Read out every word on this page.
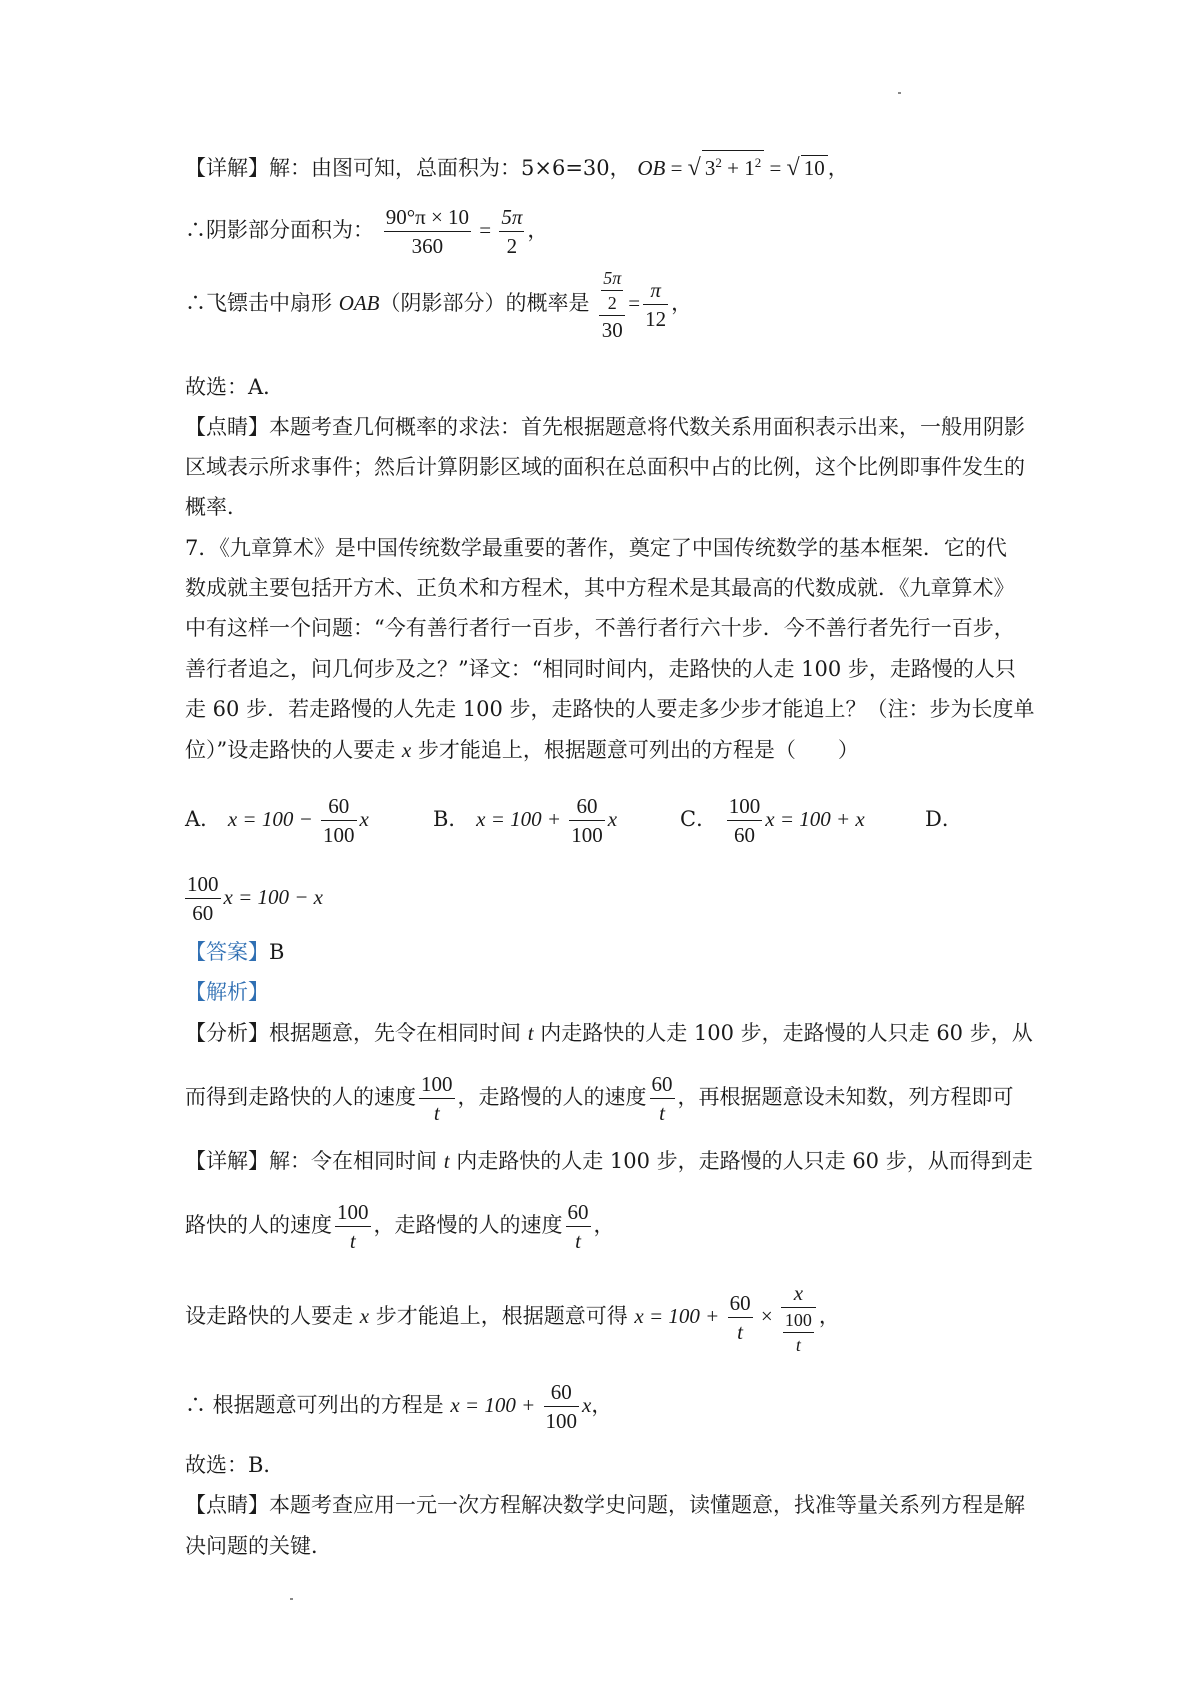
【详解】解：由图可知，总面积为：5×6=30， OB = √ $3^2 + 1^2$ = √ 10 ，
∴阴影部分面积为： $\frac{90^\circ\pi \times 10}{360} = \frac{5\pi}{2}$ ，
∴飞镖击中扇形 OAB（阴影部分）的概率是 $\frac{\frac{5\pi}{2}}{30} = \frac{\pi}{12}$ ，
故选：A．
【点睛】本题考查几何概率的求法：首先根据题意将代数关系用面积表示出来，一般用阴影
区域表示所求事件；然后计算阴影区域的面积在总面积中占的比例，这个比例即事件发生的
概率．
7．《九章算术》是中国传统数学最重要的著作，奠定了中国传统数学的基本框架．它的代
数成就主要包括开方术、正负术和方程术，其中方程术是其最高的代数成就．《九章算术》
中有这样一个问题：“今有善行者行一百步，不善行者行六十步．今不善行者先行一百步，
善行者追之，问几何步及之？”译文：“相同时间内，走路快的人走 100 步，走路慢的人只
走 60 步．若走路慢的人先走 100 步，走路快的人要走多少步才能追上？（注：步为长度单
位）”设走路快的人要走 x 步才能追上，根据题意可列出的方程是（　　）
A． $x = 100 - \frac{60}{100}$ x	B． $x = 100 + \frac{60}{100}$ x	C． $\frac{100}{60}$ x = 100 + x	D．
$\frac{100}{60}$ x = 100 − x
【答案】B
【解析】
【分析】根据题意，先令在相同时间 t 内走路快的人走 100 步，走路慢的人只走 60 步，从
而得到走路快的人的速度 $\frac{100}{t}$ ，走路慢的人的速度 $\frac{60}{t}$ ，再根据题意设未知数，列方程即可
【详解】解：令在相同时间 t 内走路快的人走 100 步，走路慢的人只走 60 步，从而得到走
路快的人的速度 $\frac{100}{t}$ ，走路慢的人的速度 $\frac{60}{t}$ ，
设走路快的人要走 x 步才能追上，根据题意可得 $x = 100 + \frac{60}{t} \times \frac{x}{\frac{100}{t}}$ ，
∴ 根据题意可列出的方程是 $x = 100 + \frac{60}{100}$ x，
故选：B．
【点睛】本题考查应用一元一次方程解决数学史问题，读懂题意，找准等量关系列方程是解
决问题的关键．
